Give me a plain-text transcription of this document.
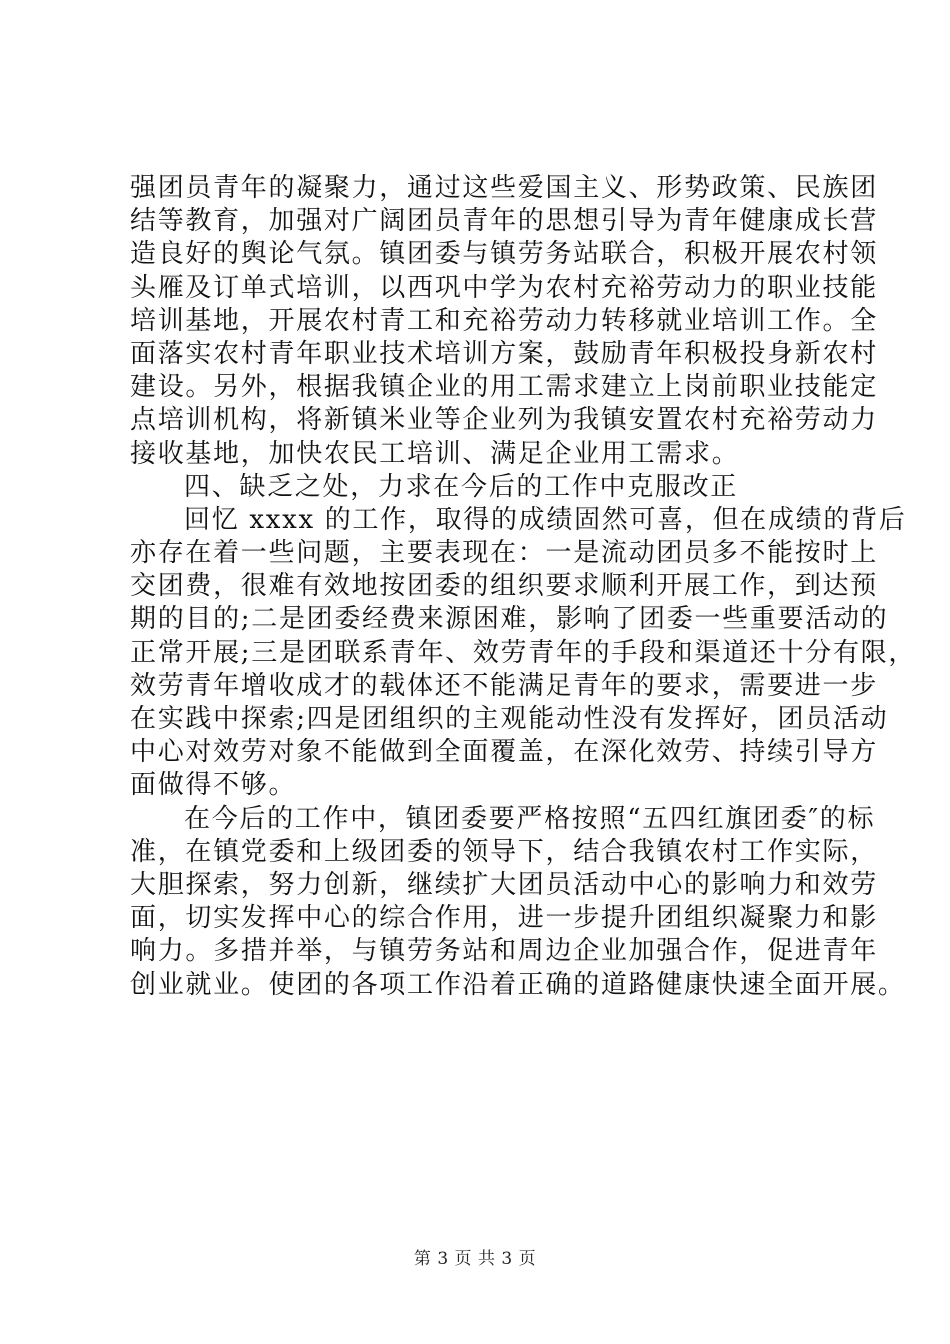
强团员青年的凝聚力，通过这些爱国主义、形势政策、民族团
结等教育，加强对广阔团员青年的思想引导为青年健康成长营
造良好的舆论气氛。镇团委与镇劳务站联合，积极开展农村领
头雁及订单式培训，以西巩中学为农村充裕劳动力的职业技能
培训基地，开展农村青工和充裕劳动力转移就业培训工作。全
面落实农村青年职业技术培训方案，鼓励青年积极投身新农村
建设。另外，根据我镇企业的用工需求建立上岗前职业技能定
点培训机构，将新镇米业等企业列为我镇安置农村充裕劳动力
接收基地，加快农民工培训、满足企业用工需求。
四、缺乏之处，力求在今后的工作中克服改正
回忆 xxxx 的工作，取得的成绩固然可喜，但在成绩的背后
亦存在着一些问题，主要表现在：一是流动团员多不能按时上
交团费，很难有效地按团委的组织要求顺利开展工作，到达预
期的目的;二是团委经费来源困难，影响了团委一些重要活动的
正常开展;三是团联系青年、效劳青年的手段和渠道还十分有限，
效劳青年增收成才的载体还不能满足青年的要求，需要进一步
在实践中探索;四是团组织的主观能动性没有发挥好，团员活动
中心对效劳对象不能做到全面覆盖，在深化效劳、持续引导方
面做得不够。
在今后的工作中，镇团委要严格按照“五四红旗团委″的标
准，在镇党委和上级团委的领导下，结合我镇农村工作实际，
大胆探索，努力创新，继续扩大团员活动中心的影响力和效劳
面，切实发挥中心的综合作用，进一步提升团组织凝聚力和影
响力。多措并举，与镇劳务站和周边企业加强合作，促进青年
创业就业。使团的各项工作沿着正确的道路健康快速全面开展。
第 3 页 共 3 页
